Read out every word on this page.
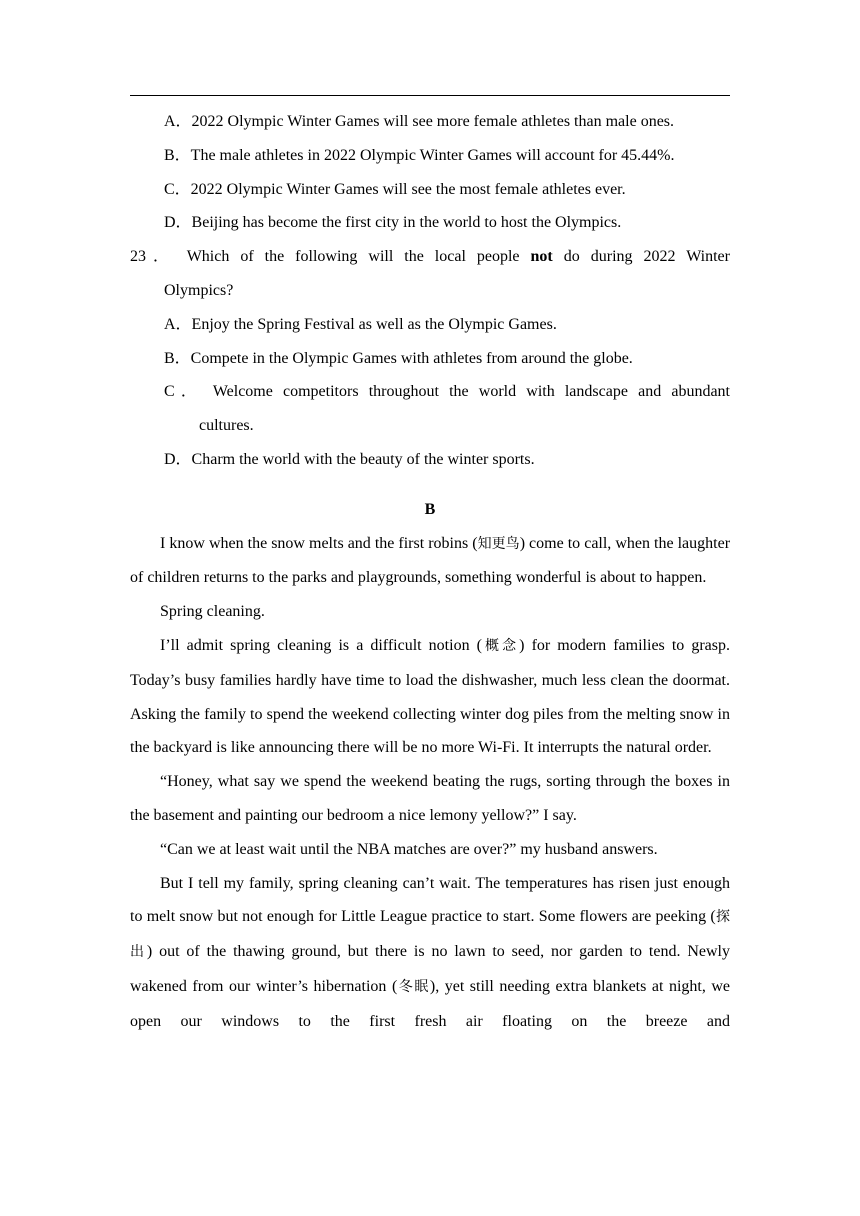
A．2022 Olympic Winter Games will see more female athletes than male ones.
B．The male athletes in 2022 Olympic Winter Games will account for 45.44%.
C．2022 Olympic Winter Games will see the most female athletes ever.
D．Beijing has become the first city in the world to host the Olympics.
23． Which of the following will the local people not do during 2022 Winter
Olympics?
A．Enjoy the Spring Festival as well as the Olympic Games.
B．Compete in the Olympic Games with athletes from around the globe.
C． Welcome competitors throughout the world with landscape and abundant
cultures.
D．Charm the world with the beauty of the winter sports.
B
I know when the snow melts and the first robins (知更鸟) come to call, when the laughter of children returns to the parks and playgrounds, something wonderful is about to happen.
Spring cleaning.
I’ll admit spring cleaning is a difficult notion (概念) for modern families to grasp. Today’s busy families hardly have time to load the dishwasher, much less clean the doormat. Asking the family to spend the weekend collecting winter dog piles from the melting snow in the backyard is like announcing there will be no more Wi-Fi. It interrupts the natural order.
“Honey, what say we spend the weekend beating the rugs, sorting through the boxes in the basement and painting our bedroom a nice lemony yellow?” I say.
“Can we at least wait until the NBA matches are over?” my husband answers.
But I tell my family, spring cleaning can’t wait. The temperatures has risen just enough to melt snow but not enough for Little League practice to start. Some flowers are peeking (探出) out of the thawing ground, but there is no lawn to seed, nor garden to tend. Newly wakened from our winter’s hibernation (冬眠), yet still needing extra blankets at night, we open our windows to the first fresh air floating on the breeze and
